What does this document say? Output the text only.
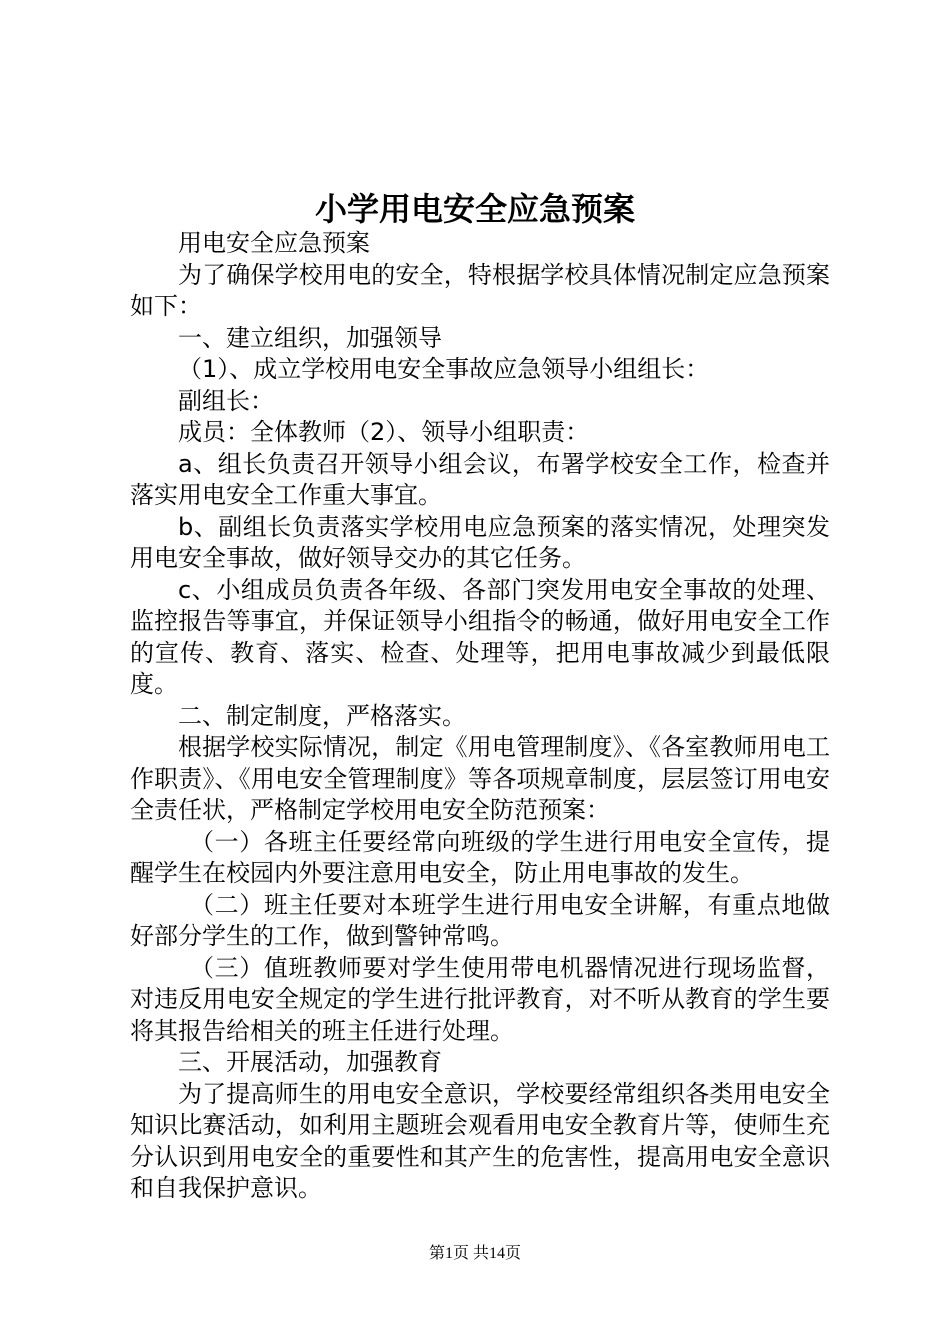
小学用电安全应急预案

用电安全应急预案

为了确保学校用电的安全，特根据学校具体情况制定应急预案如下：

一、建立组织，加强领导

（1）、成立学校用电安全事故应急领导小组组长：

副组长：

成员：全体教师（2）、领导小组职责：

a、组长负责召开领导小组会议，布署学校安全工作，检查并落实用电安全工作重大事宜。

b、副组长负责落实学校用电应急预案的落实情况，处理突发用电安全事故，做好领导交办的其它任务。

c、小组成员负责各年级、各部门突发用电安全事故的处理、监控报告等事宜，并保证领导小组指令的畅通，做好用电安全工作的宣传、教育、落实、检查、处理等，把用电事故减少到最低限度。

二、制定制度，严格落实。

根据学校实际情况，制定《用电管理制度》、《各室教师用电工作职责》、《用电安全管理制度》等各项规章制度，层层签订用电安全责任状，严格制定学校用电安全防范预案：

（一）各班主任要经常向班级的学生进行用电安全宣传，提醒学生在校园内外要注意用电安全，防止用电事故的发生。

（二）班主任要对本班学生进行用电安全讲解，有重点地做好部分学生的工作，做到警钟常鸣。

（三）值班教师要对学生使用带电机器情况进行现场监督，对违反用电安全规定的学生进行批评教育，对不听从教育的学生要将其报告给相关的班主任进行处理。

三、开展活动，加强教育

为了提高师生的用电安全意识，学校要经常组织各类用电安全知识比赛活动，如利用主题班会观看用电安全教育片等，使师生充分认识到用电安全的重要性和其产生的危害性，提高用电安全意识和自我保护意识。

第1页 共14页
